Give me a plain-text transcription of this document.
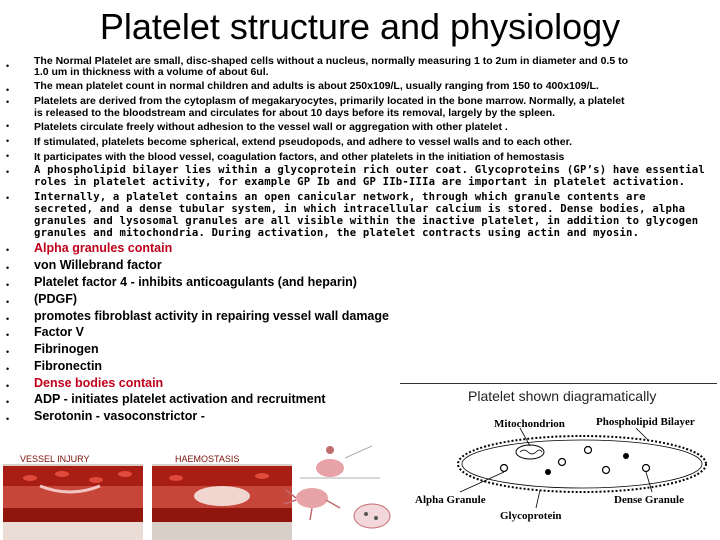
Platelet structure and physiology
•
•
•
•
•
•
•
•
The Normal Platelet are small, disc-shaped cells without a nucleus, normally measuring 1 to 2um in diameter and 0.5 to
1.0 um in thickness with a volume of about 6ul.
The mean platelet count in normal children and adults is about 250x109/L, usually ranging from 150 to 400x109/L.
Platelets are derived from the cytoplasm of megakaryocytes, primarily located in the bone marrow. Normally, a platelet
is released to the bloodstream and circulates for about 10 days before its removal, largely by the spleen.
Platelets circulate freely without adhesion to the vessel wall or aggregation with other platelet .
If stimulated, platelets become spherical, extend pseudopods, and adhere to vessel walls and to each other.
It participates with the blood vessel, coagulation factors, and other platelets in the initiation of hemostasis
A phospholipid bilayer lies within a glycoprotein rich outer coat. Glycoproteins (GP’s) have essential
roles in platelet activity, for example GP Ib and GP IIb-IIIa are important in platelet activation.
Internally, a platelet contains an open canicular network, through which granule contents are
secreted, and a dense tubular system, in which intracellular calcium is stored. Dense bodies, alpha
granules and lysosomal granules are all visible within the inactive platelet, in addition to glycogen
granules and mitochondria. During activation, the platelet contracts using actin and myosin.
•
•
•
•
•
•
•
•
•
•
•
Alpha granules contain
von Willebrand factor
Platelet factor 4 - inhibits anticoagulants (and heparin)
(PDGF)
promotes fibroblast activity in repairing vessel wall damage
Factor V
Fibrinogen
Fibronectin
Dense bodies contain
ADP - initiates platelet activation and recruitment
Serotonin - vasoconstrictor -
VESSEL INJURY	HAEMOSTASIS
Platelet shown diagramatically
Mitochondrion	Phospholipid Bilayer
Alpha Granule	Dense Granule
Glycoprotein
